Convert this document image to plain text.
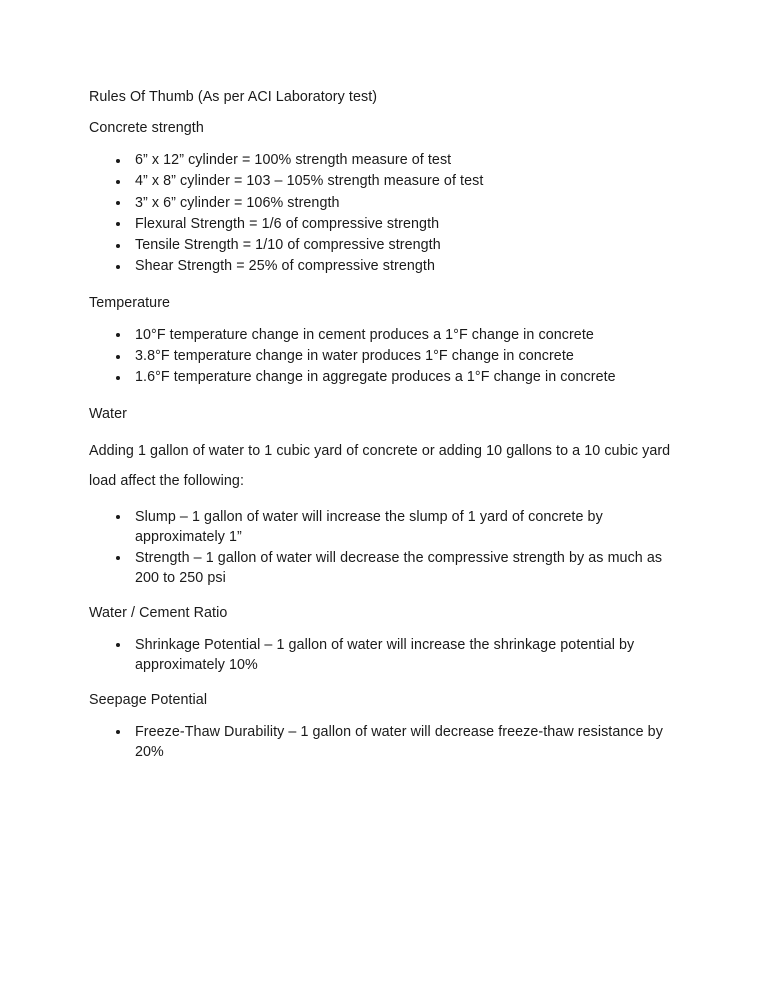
Rules Of Thumb (As per ACI Laboratory test)

Concrete strength

6” x 12” cylinder = 100% strength measure of test
4” x 8” cylinder = 103 – 105% strength measure of test
3” x 6” cylinder = 106% strength
Flexural Strength = 1/6 of compressive strength
Tensile Strength = 1/10 of compressive strength
Shear Strength = 25% of compressive strength

Temperature

10°F temperature change in cement produces a 1°F change in concrete
3.8°F temperature change in water produces 1°F change in concrete
1.6°F temperature change in aggregate produces a 1°F change in concrete

Water

Adding 1 gallon of water to 1 cubic yard of concrete or adding 10 gallons to a 10 cubic yard load affect the following:

Slump – 1 gallon of water will increase the slump of 1 yard of concrete by approximately 1”
Strength – 1 gallon of water will decrease the compressive strength by as much as 200 to 250 psi

Water / Cement Ratio

Shrinkage Potential – 1 gallon of water will increase the shrinkage potential by approximately 10%

Seepage Potential

Freeze-Thaw Durability – 1 gallon of water will decrease freeze-thaw resistance by 20%
